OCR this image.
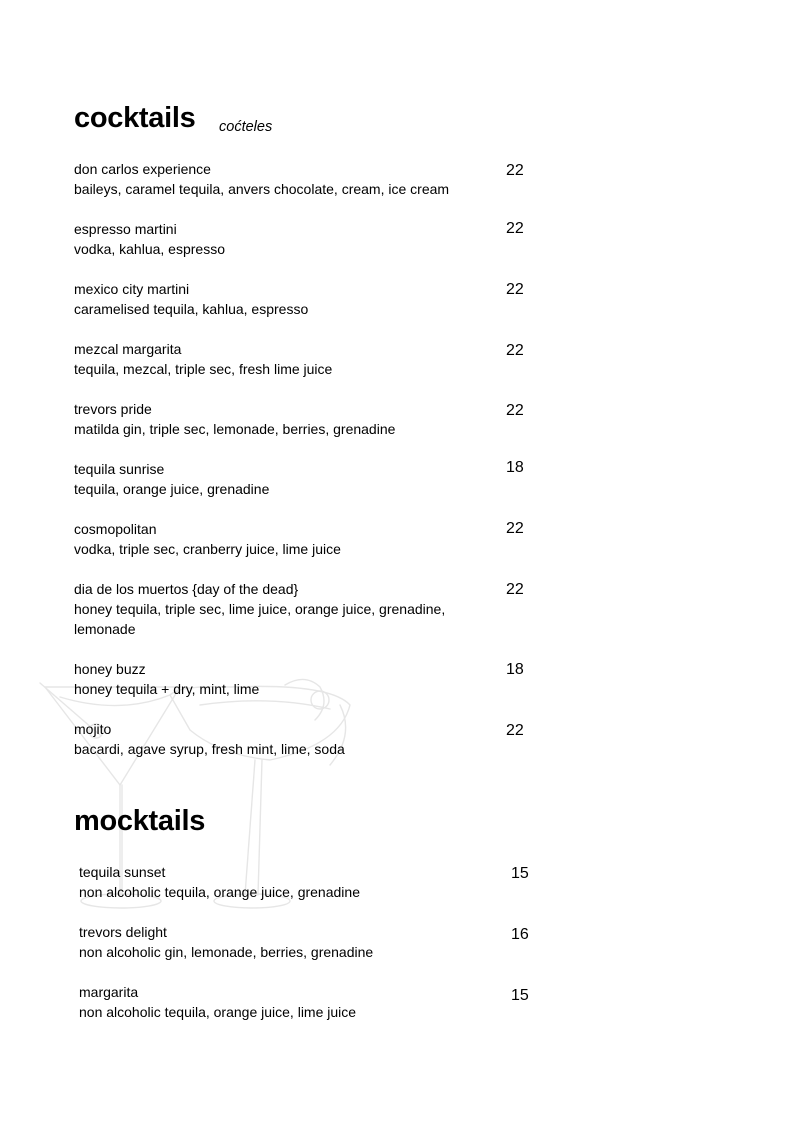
cocktails coćteles
don carlos experience
baileys, caramel tequila, anvers chocolate, cream, ice cream
22
espresso martini
vodka, kahlua, espresso
22
mexico city martini
caramelised tequila, kahlua, espresso
22
mezcal margarita
tequila, mezcal, triple sec, fresh lime juice
22
trevors pride
matilda gin, triple sec, lemonade, berries, grenadine
22
tequila sunrise
tequila, orange juice, grenadine
18
cosmopolitan
vodka, triple sec, cranberry juice, lime juice
22
dia de los muertos {day of the dead}
honey tequila, triple sec, lime juice, orange juice, grenadine, lemonade
22
honey buzz
honey tequila + dry, mint, lime
18
mojito
bacardi, agave syrup, fresh mint, lime, soda
22
mocktails
tequila sunset
non alcoholic tequila, orange juice, grenadine
15
trevors delight
non alcoholic gin, lemonade, berries, grenadine
16
margarita
non alcoholic tequila, orange juice, lime juice
15
